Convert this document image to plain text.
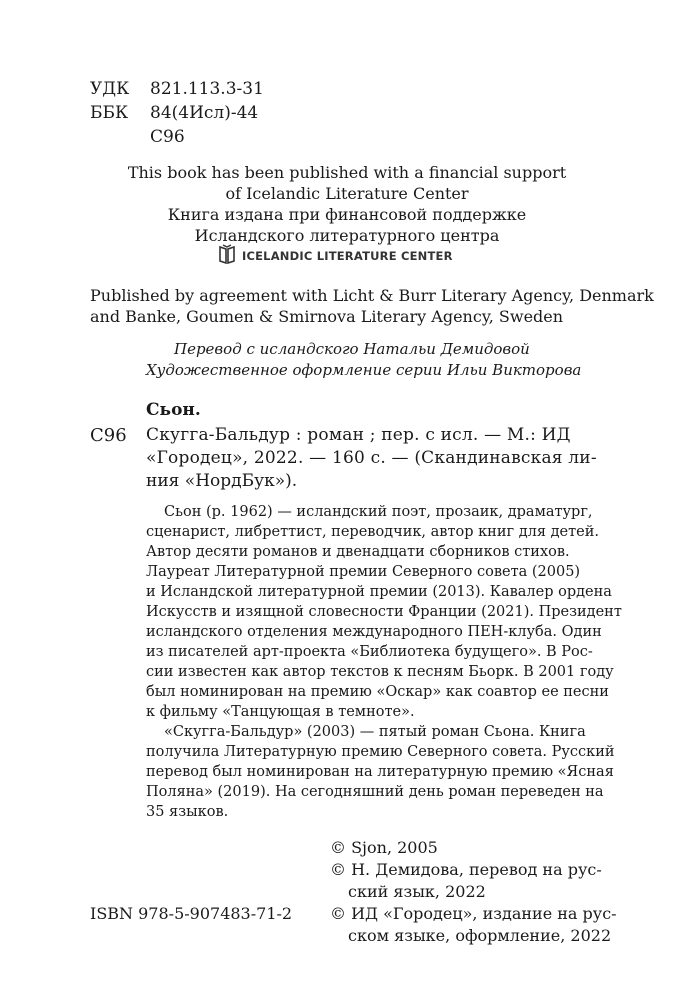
УДК 821.113.3-31
ББК 84(4Исл)-44
С96
This book has been published with a financial support
of Icelandic Literature Center
Книга издана при финансовой поддержке
Исландского литературного центра
ICELANDIC LITERATURE CENTER
Published by agreement with Licht & Burr Literary Agency, Denmark
and Banke, Goumen & Smirnova Literary Agency, Sweden
Перевод с исландского Натальи Демидовой
Художественное оформление серии Ильи Викторова
Сьон.
С96 Скугга-Бальдур : роман ; пер. с исл. — М.: ИД
«Городец», 2022. — 160 с. — (Скандинавская ли-
ния «НордБук»).
Сьон (р. 1962) — исландский поэт, прозаик, драматург,
сценарист, либреттист, переводчик, автор книг для детей.
Автор десяти романов и двенадцати сборников стихов.
Лауреат Литературной премии Северного совета (2005)
и Исландской литературной премии (2013). Кавалер ордена
Искусств и изящной словесности Франции (2021). Президент
исландского отделения международного ПЕН-клуба. Один
из писателей арт-проекта «Библиотека будущего». В Рос-
сии известен как автор текстов к песням Бьорк. В 2001 году
был номинирован на премию «Оскар» как соавтор ее песни
к фильму «Танцующая в темноте».
«Скугга-Бальдур» (2003) — пятый роман Сьона. Книга
получила Литературную премию Северного совета. Русский
перевод был номинирован на литературную премию «Ясная
Поляна» (2019). На сегодняшний день роман переведен на
35 языков.
© Sjon, 2005
© Н. Демидова, перевод на рус-
ский язык, 2022
© ИД «Городец», издание на рус-
ском языке, оформление, 2022
ISBN 978-5-907483-71-2
